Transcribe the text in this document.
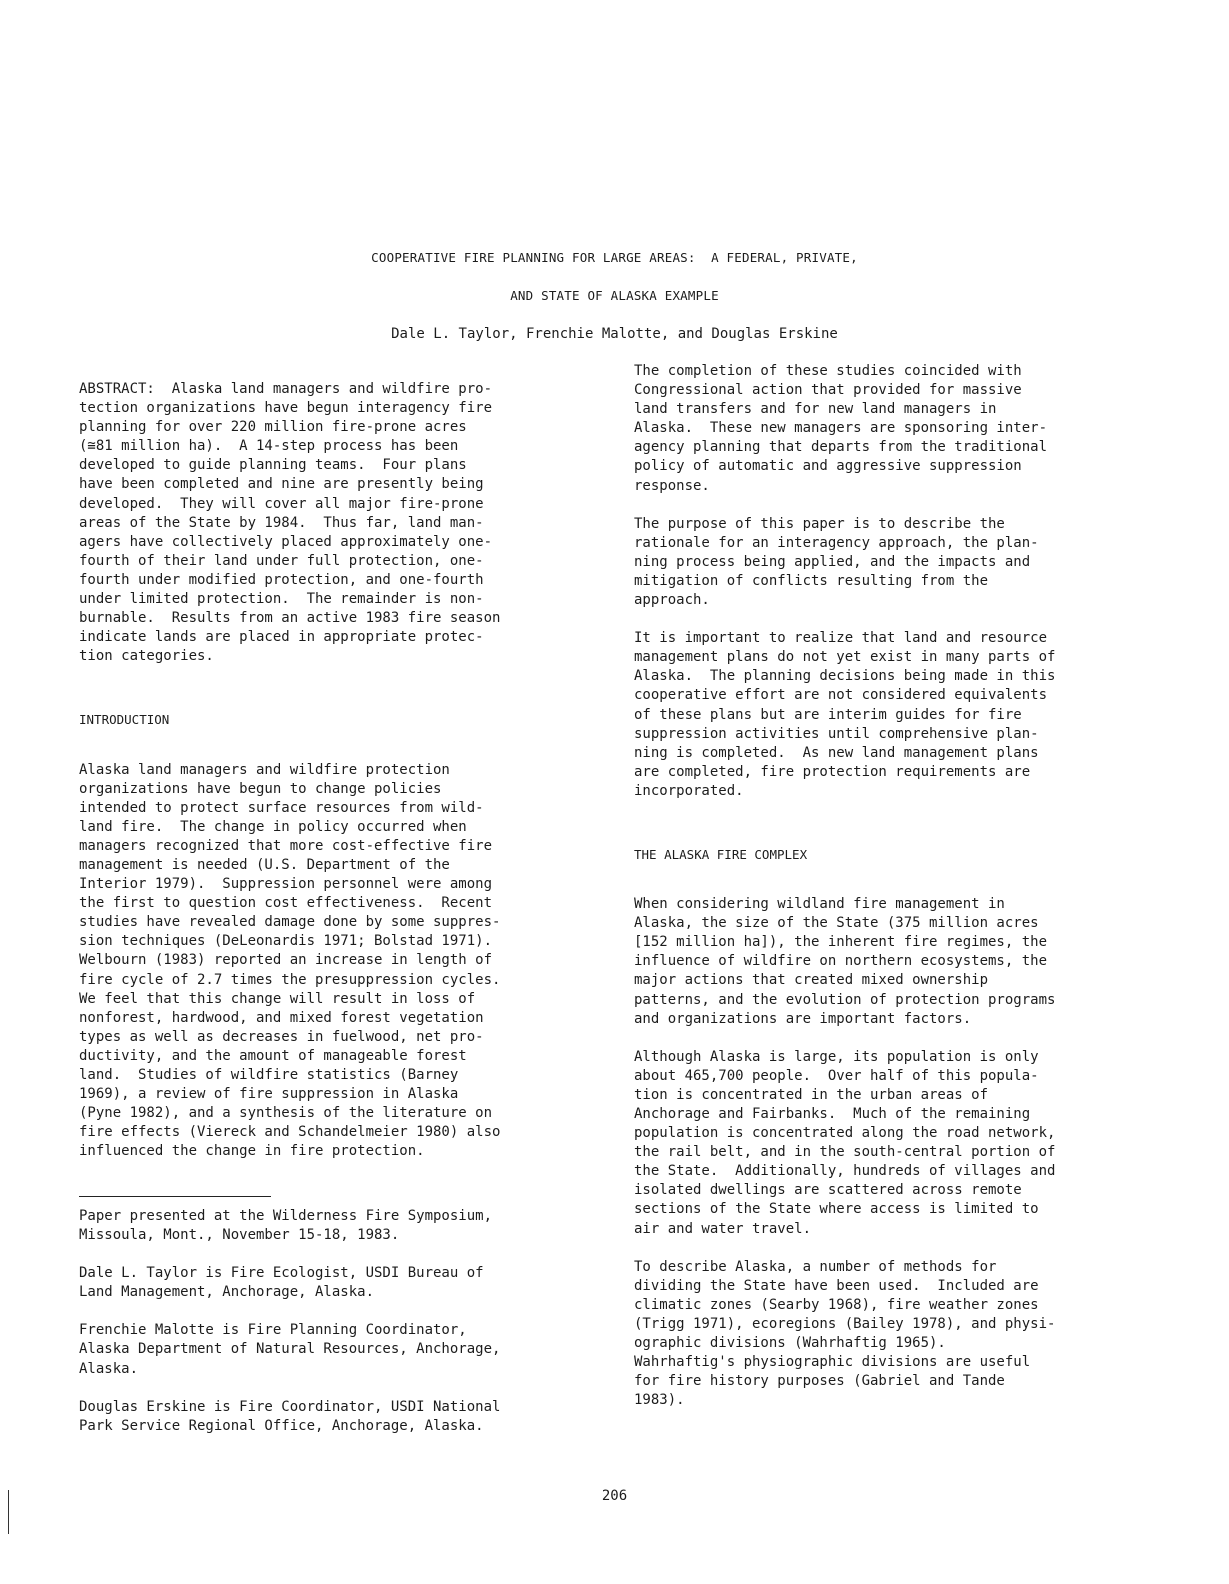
COOPERATIVE FIRE PLANNING FOR LARGE AREAS:  A FEDERAL, PRIVATE,
AND STATE OF ALASKA EXAMPLE
Dale L. Taylor, Frenchie Malotte, and Douglas Erskine

ABSTRACT:  Alaska land managers and wildfire pro-

tection organizations have begun interagency fire

planning for over 220 million fire-prone acres

(≅81 million ha).  A 14-step process has been

developed to guide planning teams.  Four plans

have been completed and nine are presently being

developed.  They will cover all major fire-prone

areas of the State by 1984.  Thus far, land man-

agers have collectively placed approximately one-

fourth of their land under full protection, one-

fourth under modified protection, and one-fourth

under limited protection.  The remainder is non-

burnable.  Results from an active 1983 fire season

indicate lands are placed in appropriate protec-

tion categories.

INTRODUCTION

Alaska land managers and wildfire protection

organizations have begun to change policies

intended to protect surface resources from wild-

land fire.  The change in policy occurred when

managers recognized that more cost-effective fire

management is needed (U.S. Department of the

Interior 1979).  Suppression personnel were among

the first to question cost effectiveness.  Recent

studies have revealed damage done by some suppres-

sion techniques (DeLeonardis 1971; Bolstad 1971).

Welbourn (1983) reported an increase in length of

fire cycle of 2.7 times the presuppression cycles.

We feel that this change will result in loss of

nonforest, hardwood, and mixed forest vegetation

types as well as decreases in fuelwood, net pro-

ductivity, and the amount of manageable forest

land.  Studies of wildfire statistics (Barney

1969), a review of fire suppression in Alaska

(Pyne 1982), and a synthesis of the literature on

fire effects (Viereck and Schandelmeier 1980) also

influenced the change in fire protection.

Paper presented at the Wilderness Fire Symposium,

Missoula, Mont., November 15-18, 1983.

Dale L. Taylor is Fire Ecologist, USDI Bureau of

Land Management, Anchorage, Alaska.

Frenchie Malotte is Fire Planning Coordinator,

Alaska Department of Natural Resources, Anchorage,

Alaska.

Douglas Erskine is Fire Coordinator, USDI National

Park Service Regional Office, Anchorage, Alaska.

The completion of these studies coincided with

Congressional action that provided for massive

land transfers and for new land managers in

Alaska.  These new managers are sponsoring inter-

agency planning that departs from the traditional

policy of automatic and aggressive suppression

response.

The purpose of this paper is to describe the

rationale for an interagency approach, the plan-

ning process being applied, and the impacts and

mitigation of conflicts resulting from the

approach.

It is important to realize that land and resource

management plans do not yet exist in many parts of

Alaska.  The planning decisions being made in this

cooperative effort are not considered equivalents

of these plans but are interim guides for fire

suppression activities until comprehensive plan-

ning is completed.  As new land management plans

are completed, fire protection requirements are

incorporated.

THE ALASKA FIRE COMPLEX

When considering wildland fire management in

Alaska, the size of the State (375 million acres

[152 million ha]), the inherent fire regimes, the

influence of wildfire on northern ecosystems, the

major actions that created mixed ownership

patterns, and the evolution of protection programs

and organizations are important factors.

Although Alaska is large, its population is only

about 465,700 people.  Over half of this popula-

tion is concentrated in the urban areas of

Anchorage and Fairbanks.  Much of the remaining

population is concentrated along the road network,

the rail belt, and in the south-central portion of

the State.  Additionally, hundreds of villages and

isolated dwellings are scattered across remote

sections of the State where access is limited to

air and water travel.

To describe Alaska, a number of methods for

dividing the State have been used.  Included are

climatic zones (Searby 1968), fire weather zones

(Trigg 1971), ecoregions (Bailey 1978), and physi-

ographic divisions (Wahrhaftig 1965).

Wahrhaftig's physiographic divisions are useful

for fire history purposes (Gabriel and Tande

1983).

206
